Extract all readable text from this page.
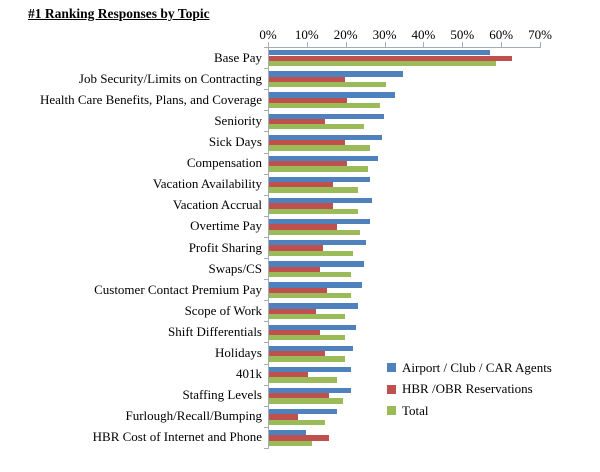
#1 Ranking Responses by Topic
0%	10%	20%	30%	40%	50%	60%	70%
Base Pay
Job Security/Limits on Contracting
Health Care Benefits, Plans, and Coverage
Seniority
Sick Days
Compensation
Vacation Availability
Vacation Accrual
Overtime Pay
Profit Sharing
Swaps/CS
Customer Contact Premium Pay
Scope of Work
Shift Differentials
Holidays
401k
Staffing Levels
Furlough/Recall/Bumping
HBR Cost of Internet and Phone
Airport / Club / CAR Agents
HBR /OBR Reservations
Total
